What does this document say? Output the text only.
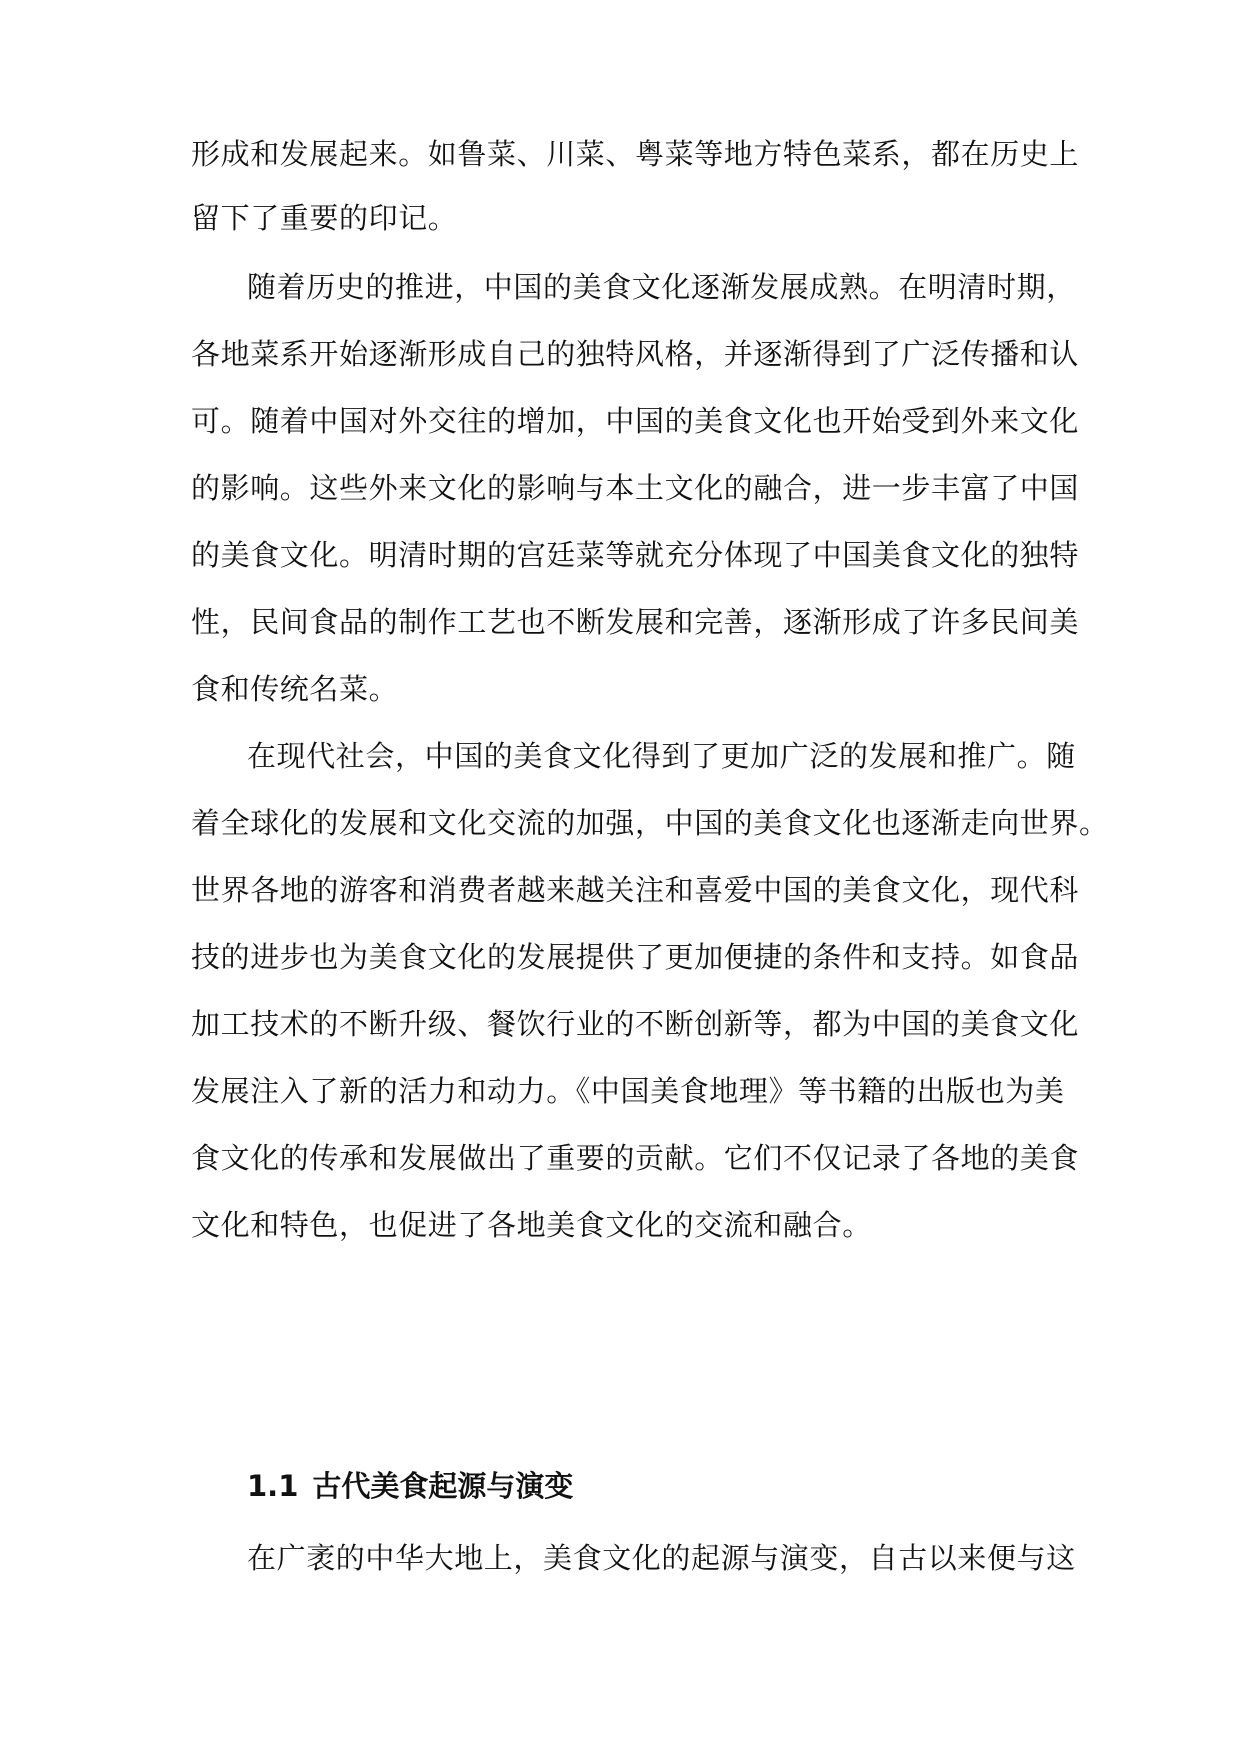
形成和发展起来。如鲁菜、川菜、粤菜等地方特色菜系，都在历史上
留下了重要的印记。
随着历史的推进，中国的美食文化逐渐发展成熟。在明清时期，
各地菜系开始逐渐形成自己的独特风格，并逐渐得到了广泛传播和认
可。随着中国对外交往的增加，中国的美食文化也开始受到外来文化
的影响。这些外来文化的影响与本土文化的融合，进一步丰富了中国
的美食文化。明清时期的宫廷菜等就充分体现了中国美食文化的独特
性，民间食品的制作工艺也不断发展和完善，逐渐形成了许多民间美
食和传统名菜。
在现代社会，中国的美食文化得到了更加广泛的发展和推广。随
着全球化的发展和文化交流的加强，中国的美食文化也逐渐走向世界。
世界各地的游客和消费者越来越关注和喜爱中国的美食文化，现代科
技的进步也为美食文化的发展提供了更加便捷的条件和支持。如食品
加工技术的不断升级、餐饮行业的不断创新等，都为中国的美食文化
发展注入了新的活力和动力。《中国美食地理》等书籍的出版也为美
食文化的传承和发展做出了重要的贡献。它们不仅记录了各地的美食
文化和特色，也促进了各地美食文化的交流和融合。
1.1 古代美食起源与演变
在广袤的中华大地上，美食文化的起源与演变，自古以来便与这
